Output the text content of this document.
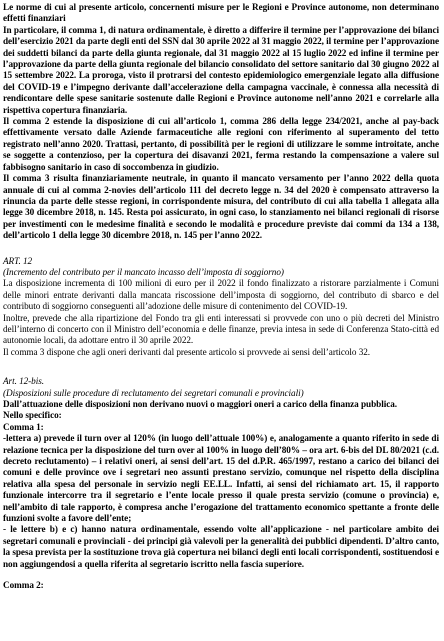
Le norme di cui al presente articolo, concernenti misure per le Regioni e Province autonome, non determinano effetti finanziari

In particolare, il comma 1, di natura ordinamentale, è diretto a differire il termine per l’approvazione dei bilanci dell’esercizio 2021 da parte degli enti del SSN dal 30 aprile 2022 al 31 maggio 2022, il termine per l’approvazione dei suddetti bilanci da parte della giunta regionale, dal 31 maggio 2022 al 15 luglio 2022 ed infine il termine per l’approvazione da parte della giunta regionale del bilancio consolidato del settore sanitario dal 30 giugno 2022 al 15 settembre 2022. La proroga, visto il protrarsi del contesto epidemiologico emergenziale legato alla diffusione del COVID-19 e l’impegno derivante dall’accelerazione della campagna vaccinale, è connessa alla necessità di rendicontare delle spese sanitarie sostenute dalle Regioni e Province autonome nell’anno 2021 e correlarle alla rispettiva copertura finanziaria.

Il comma 2 estende la disposizione di cui all’articolo 1, comma 286 della legge 234/2021, anche al pay-back effettivamente versato dalle Aziende farmaceutiche alle regioni con riferimento al superamento del tetto registrato nell’anno 2020. Trattasi, pertanto, di possibilità per le regioni di utilizzare le somme introitate, anche se soggette a contenzioso, per la copertura dei disavanzi 2021, ferma restando la compensazione a valere sul fabbisogno sanitario in caso di soccombenza in giudizio.

Il comma 3 risulta finanziariamente neutrale, in quanto il mancato versamento per l’anno 2022 della quota annuale di cui al comma 2-novies dell’articolo 111 del decreto legge n. 34 del 2020 è compensato attraverso la rinuncia da parte delle stesse regioni, in corrispondente misura, del contributo di cui alla tabella 1 allegata alla legge 30 dicembre 2018, n. 145. Resta poi assicurato, in ogni caso, lo stanziamento nei bilanci regionali di risorse per investimenti con le medesime finalità e secondo le modalità e procedure previste dai commi da 134 a 138, dell’articolo 1 della legge 30 dicembre 2018, n. 145 per l’anno 2022.

ART. 12

(Incremento del contributo per il mancato incasso dell’imposta di soggiorno)

La disposizione incrementa di 100 milioni di euro per il 2022 il fondo finalizzato a ristorare parzialmente i Comuni delle minori entrate derivanti dalla mancata riscossione dell’imposta di soggiorno, del contributo di sbarco e del contributo di soggiorno conseguenti all’adozione delle misure di contenimento del COVID-19.

Inoltre, prevede che alla ripartizione del Fondo tra gli enti interessati si provvede con uno o più decreti del Ministro dell’interno di concerto con il Ministro dell’economia e delle finanze, previa intesa in sede di Conferenza Stato-città ed autonomie locali, da adottare entro il 30 aprile 2022.

Il comma 3 dispone che agli oneri derivanti dal presente articolo si provvede ai sensi dell’articolo 32.

Art. 12-bis.

(Disposizioni sulle procedure di reclutamento dei segretari comunali e provinciali)

Dall’attuazione delle disposizioni non derivano nuovi o maggiori oneri a carico della finanza pubblica.

Nello specifico:

Comma 1:

-lettera a) prevede il turn over al 120% (in luogo dell’attuale 100%) e, analogamente a quanto riferito in sede di relazione tecnica per la disposizione del turn over al 100% in luogo dell’80% – ora art. 6-bis del DL 80/2021 (c.d. decreto reclutamento) – i relativi oneri, ai sensi dell’art. 15 del d.P.R. 465/1997, restano a carico dei bilanci dei comuni e delle province ove i segretari neo assunti prestano servizio, comunque nel rispetto della disciplina relativa alla spesa del personale in servizio negli EE.LL. Infatti, ai sensi del richiamato art. 15, il rapporto funzionale intercorre tra il segretario e l’ente locale presso il quale presta servizio (comune o provincia) e, nell’ambito di tale rapporto, è compresa anche l’erogazione del trattamento economico spettante a fronte delle funzioni svolte a favore dell’ente;

- le lettere b) e c) hanno natura ordinamentale, essendo volte all’applicazione - nel particolare ambito dei segretari comunali e provinciali - dei principi già valevoli per la generalità dei pubblici dipendenti. D’altro canto, la spesa prevista per la sostituzione trova già copertura nei bilanci degli enti locali corrispondenti, sostituendosi e non aggiungendosi a quella riferita al segretario iscritto nella fascia superiore.

Comma 2:
